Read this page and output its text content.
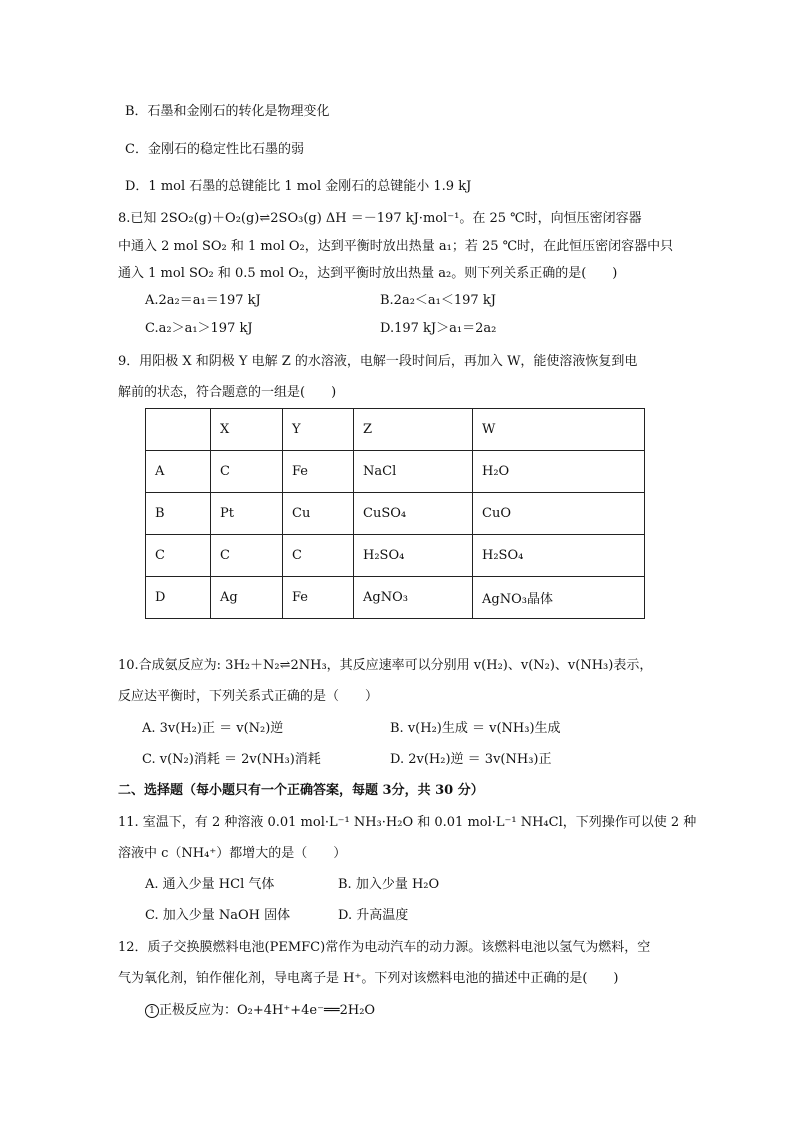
B．石墨和金刚石的转化是物理变化
C．金刚石的稳定性比石墨的弱
D．1 mol 石墨的总键能比 1 mol 金刚石的总键能小 1.9 kJ
8.已知 2SO₂(g)＋O₂(g)⇌2SO₃(g) ΔH ＝－197 kJ·mol⁻¹。在 25 ℃时，向恒压密闭容器
中通入 2 mol SO₂ 和 1 mol O₂，达到平衡时放出热量 a₁；若 25 ℃时，在此恒压密闭容器中只
通入 1 mol SO₂ 和 0.5 mol O₂，达到平衡时放出热量 a₂。则下列关系正确的是(　　)
A.2a₂＝a₁＝197 kJ	B.2a₂＜a₁＜197 kJ
C.a₂＞a₁＞197 kJ	D.197 kJ＞a₁＝2a₂
9．用阳极 X 和阴极 Y 电解 Z 的水溶液，电解一段时间后，再加入 W，能使溶液恢复到电
解前的状态，符合题意的一组是(　　)
	X	Y	Z	W
A	C	Fe	NaCl	H₂O
B	Pt	Cu	CuSO₄	CuO
C	C	C	H₂SO₄	H₂SO₄
D	Ag	Fe	AgNO₃	AgNO₃晶体
10.合成氨反应为: 3H₂＋N₂⇌2NH₃，其反应速率可以分别用 v(H₂)、v(N₂)、v(NH₃)表示，
反应达平衡时，下列关系式正确的是（　　）
A. 3v(H₂)正 ＝ v(N₂)逆	B. v(H₂)生成 ＝ v(NH₃)生成
C. v(N₂)消耗 ＝ 2v(NH₃)消耗	D. 2v(H₂)逆 ＝ 3v(NH₃)正
二、选择题（每小题只有一个正确答案，每题 3分，共 30 分）
11. 室温下，有 2 种溶液 0.01 mol·L⁻¹ NH₃·H₂O 和 0.01 mol·L⁻¹ NH₄Cl，下列操作可以使 2 种
溶液中 c（NH₄⁺）都增大的是（　　）
A. 通入少量 HCl 气体	B. 加入少量 H₂O
C. 加入少量 NaOH 固体	D. 升高温度
12．质子交换膜燃料电池(PEMFC)常作为电动汽车的动力源。该燃料电池以氢气为燃料，空
气为氧化剂，铂作催化剂，导电离子是 H⁺。下列对该燃料电池的描述中正确的是(　　)
1 正极反应为：O₂+4H⁺+4e⁻══2H₂O
